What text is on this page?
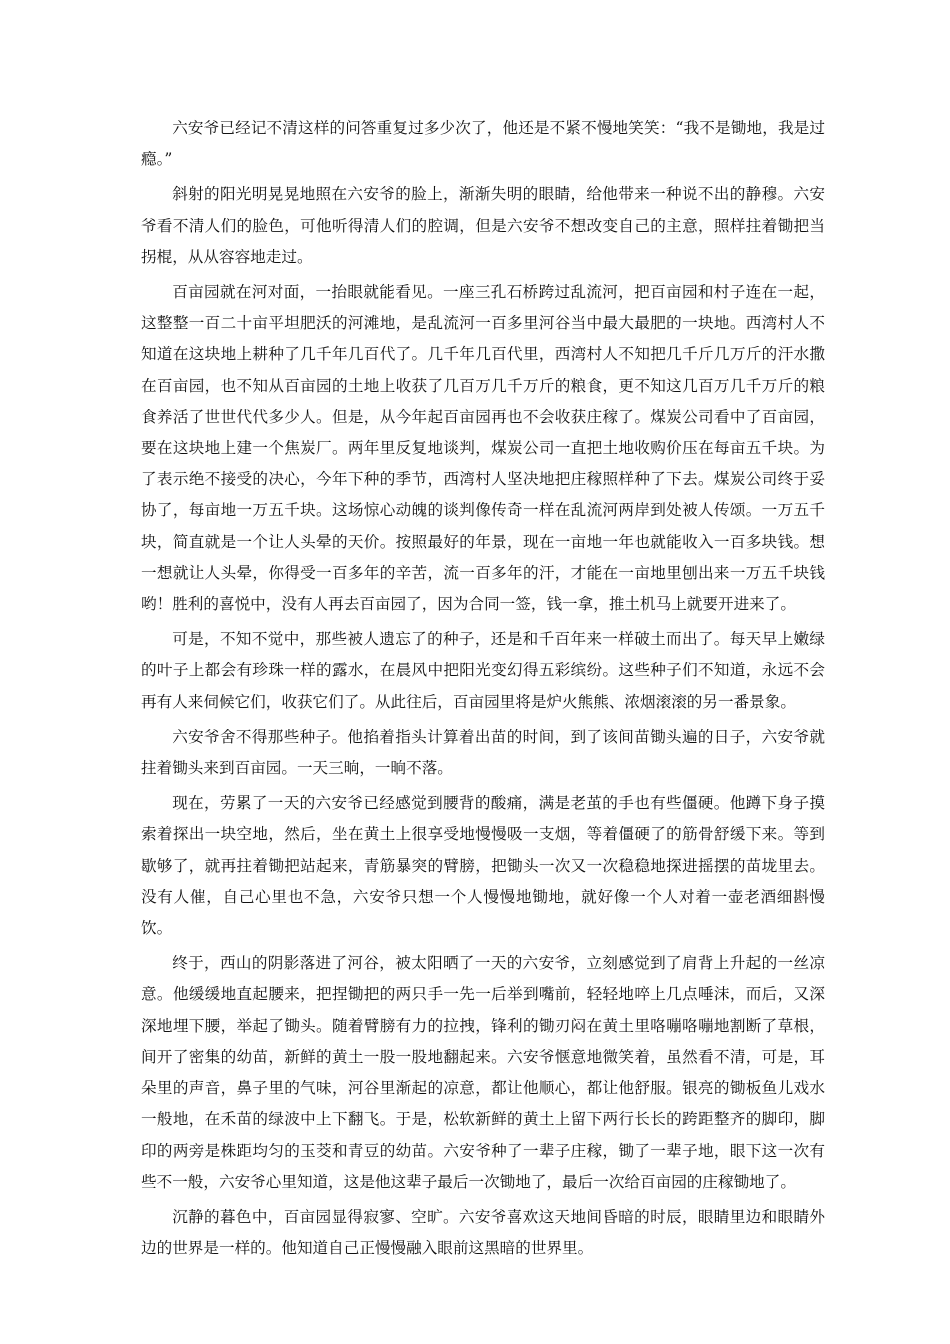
六安爷已经记不清这样的问答重复过多少次了，他还是不紧不慢地笑笑：“我不是锄地，我是过瘾。”

斜射的阳光明晃晃地照在六安爷的脸上，渐渐失明的眼睛，给他带来一种说不出的静穆。六安爷看不清人们的脸色，可他听得清人们的腔调，但是六安爷不想改变自己的主意，照样拄着锄把当拐棍，从从容容地走过。

百亩园就在河对面，一抬眼就能看见。一座三孔石桥跨过乱流河，把百亩园和村子连在一起，这整整一百二十亩平坦肥沃的河滩地，是乱流河一百多里河谷当中最大最肥的一块地。西湾村人不知道在这块地上耕种了几千年几百代了。几千年几百代里，西湾村人不知把几千斤几万斤的汗水撒在百亩园，也不知从百亩园的土地上收获了几百万几千万斤的粮食，更不知这几百万几千万斤的粮食养活了世世代代多少人。但是，从今年起百亩园再也不会收获庄稼了。煤炭公司看中了百亩园，要在这块地上建一个焦炭厂。两年里反复地谈判，煤炭公司一直把土地收购价压在每亩五千块。为了表示绝不接受的决心，今年下种的季节，西湾村人坚决地把庄稼照样种了下去。煤炭公司终于妥协了，每亩地一万五千块。这场惊心动魄的谈判像传奇一样在乱流河两岸到处被人传颂。一万五千块，简直就是一个让人头晕的天价。按照最好的年景，现在一亩地一年也就能收入一百多块钱。想一想就让人头晕，你得受一百多年的辛苦，流一百多年的汗，才能在一亩地里刨出来一万五千块钱哟！胜利的喜悦中，没有人再去百亩园了，因为合同一签，钱一拿，推土机马上就要开进来了。

可是，不知不觉中，那些被人遗忘了的种子，还是和千百年来一样破土而出了。每天早上嫩绿的叶子上都会有珍珠一样的露水，在晨风中把阳光变幻得五彩缤纷。这些种子们不知道，永远不会再有人来伺候它们，收获它们了。从此往后，百亩园里将是炉火熊熊、浓烟滚滚的另一番景象。

六安爷舍不得那些种子。他掐着指头计算着出苗的时间，到了该间苗锄头遍的日子，六安爷就拄着锄头来到百亩园。一天三晌，一晌不落。

现在，劳累了一天的六安爷已经感觉到腰背的酸痛，满是老茧的手也有些僵硬。他蹲下身子摸索着探出一块空地，然后，坐在黄土上很享受地慢慢吸一支烟，等着僵硬了的筋骨舒缓下来。等到歇够了，就再拄着锄把站起来，青筋暴突的臂膀，把锄头一次又一次稳稳地探进摇摆的苗垅里去。没有人催，自己心里也不急，六安爷只想一个人慢慢地锄地，就好像一个人对着一壶老酒细斟慢饮。

终于，西山的阴影落进了河谷，被太阳晒了一天的六安爷，立刻感觉到了肩背上升起的一丝凉意。他缓缓地直起腰来，把捏锄把的两只手一先一后举到嘴前，轻轻地啐上几点唾沫，而后，又深深地埋下腰，举起了锄头。随着臂膀有力的拉拽，锋利的锄刃闷在黄土里咯嘣咯嘣地割断了草根，间开了密集的幼苗，新鲜的黄土一股一股地翻起来。六安爷惬意地微笑着，虽然看不清，可是，耳朵里的声音，鼻子里的气味，河谷里渐起的凉意，都让他顺心，都让他舒服。银亮的锄板鱼儿戏水一般地，在禾苗的绿波中上下翻飞。于是，松软新鲜的黄土上留下两行长长的跨距整齐的脚印，脚印的两旁是株距均匀的玉茭和青豆的幼苗。六安爷种了一辈子庄稼，锄了一辈子地，眼下这一次有些不一般，六安爷心里知道，这是他这辈子最后一次锄地了，最后一次给百亩园的庄稼锄地了。

沉静的暮色中，百亩园显得寂寥、空旷。六安爷喜欢这天地间昏暗的时辰，眼睛里边和眼睛外边的世界是一样的。他知道自己正慢慢融入眼前这黑暗的世界里。
